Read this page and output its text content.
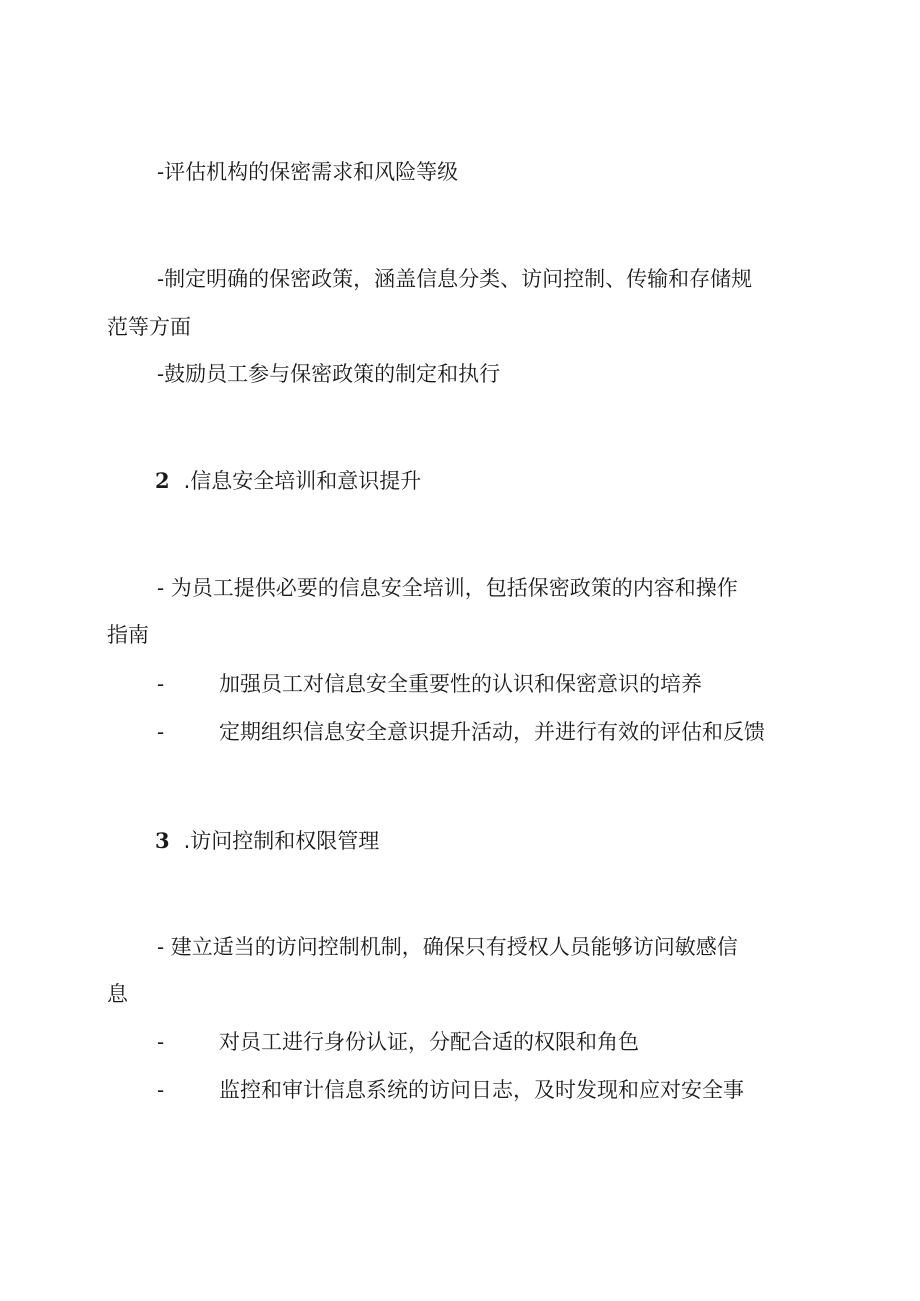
-评估机构的保密需求和风险等级
-制定明确的保密政策，涵盖信息分类、访问控制、传输和存储规
范等方面
-鼓励员工参与保密政策的制定和执行
2 .信息安全培训和意识提升
- 为员工提供必要的信息安全培训，包括保密政策的内容和操作
指南
-	加强员工对信息安全重要性的认识和保密意识的培养
-	定期组织信息安全意识提升活动，并进行有效的评估和反馈
3 .访问控制和权限管理
- 建立适当的访问控制机制，确保只有授权人员能够访问敏感信
息
-	对员工进行身份认证，分配合适的权限和角色
-	监控和审计信息系统的访问日志，及时发现和应对安全事
